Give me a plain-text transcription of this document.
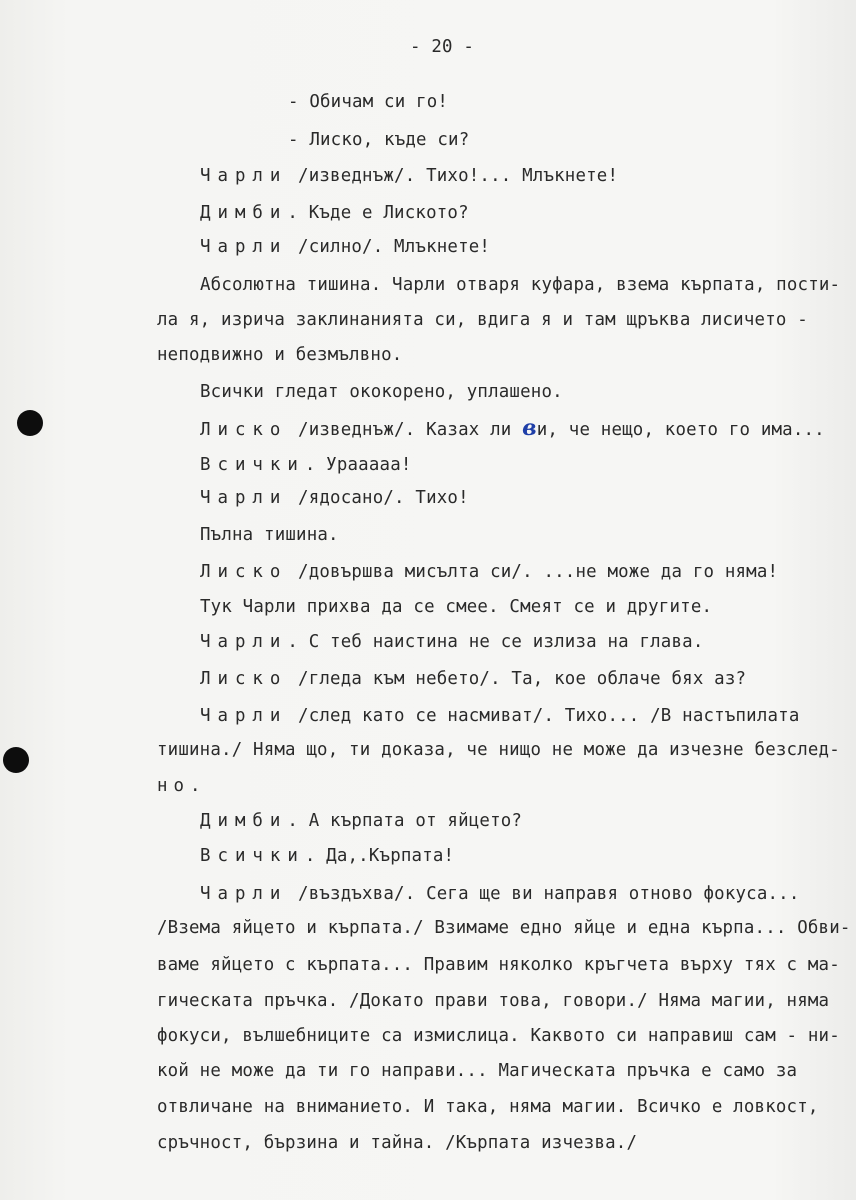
- 20 -
- Обичам си го!
- Лиско, къде си?
Чарли /изведнъж/. Тихо!... Млъкнете!
Димби. Къде е Лиското?
Чарли /силно/. Млъкнете!
Абсолютна тишина. Чарли отваря куфара, взема кърпата, пости-
ла я, изрича заклинанията си, вдига я и там щръква лисичето -
неподвижно и безмълвно.
Всички гледат ококорено, уплашено.
Лиско /изведнъж/. Казах ли ви, че нещо, което го има...
Всички. Урааааа!
Чарли /ядосано/. Тихо!
Пълна тишина.
Лиско /довършва мисълта си/. ...не може да го няма!
Тук Чарли прихва да се смее. Смеят се и другите.
Чарли. С теб наистина не се излиза на глава.
Лиско /гледа към небето/. Та, кое облаче бях аз?
Чарли /след като се насмиват/. Тихо... /В настъпилата
тишина./ Няма що, ти доказа, че нищо не може да изчезне безслед-
но.
Димби. А кърпата от яйцето?
Всички. Да,.Кърпата!
Чарли /въздъхва/. Сега ще ви направя отново фокуса...
/Взема яйцето и кърпата./ Взимаме едно яйце и една кърпа... Обви-
ваме яйцето с кърпата... Правим няколко кръгчета върху тях с ма-
гическата пръчка. /Докато прави това, говори./ Няма магии, няма
фокуси, вълшебниците са измислица. Каквото си направиш сам - ни-
кой не може да ти го направи... Магическата пръчка е само за
отвличане на вниманието. И така, няма магии. Всичко е ловкост,
сръчност, бързина и тайна. /Кърпата изчезва./
